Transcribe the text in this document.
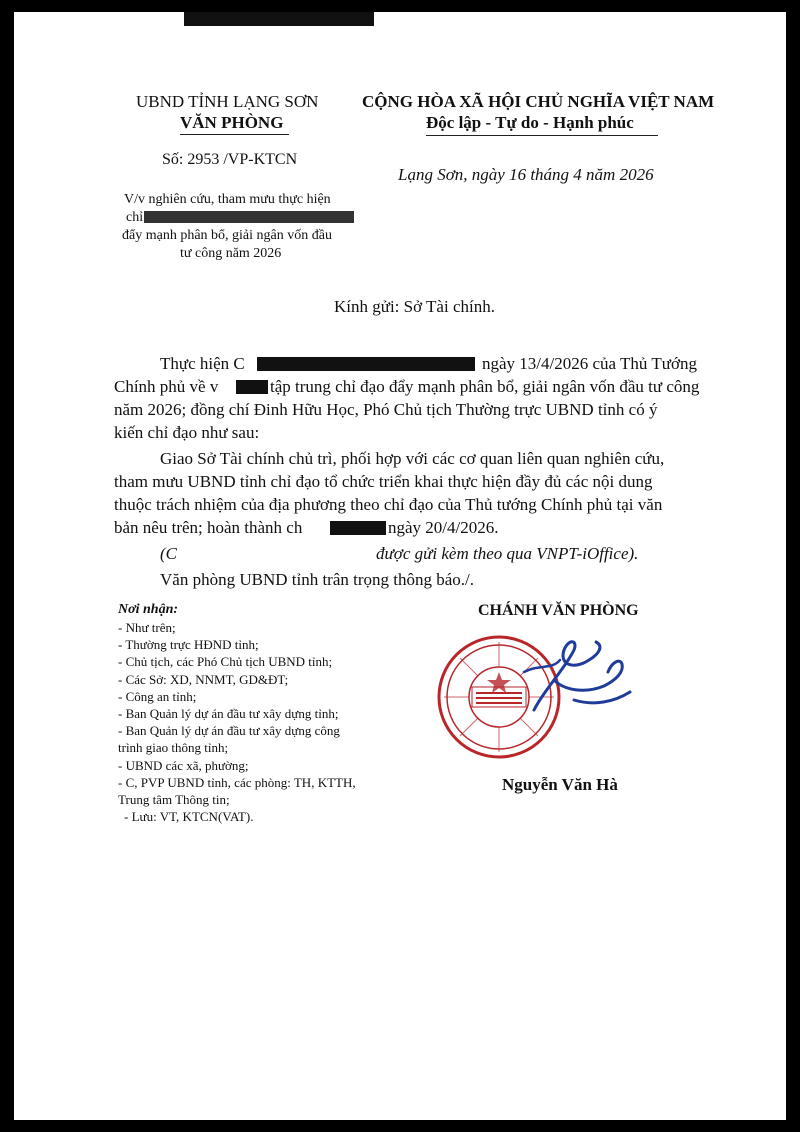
UBND TỈNH LẠNG SƠN
VĂN PHÒNG
Số: 2953 /VP-KTCN
V/v nghiên cứu, tham mưu thực hiện
chỉ
đẩy mạnh phân bổ, giải ngân vốn đầu
tư công năm 2026
CỘNG HÒA XÃ HỘI CHỦ NGHĨA VIỆT NAM
Độc lập - Tự do - Hạnh phúc
Lạng Sơn, ngày 16 tháng 4 năm 2026
Kính gửi: Sở Tài chính.
Thực hiện C	ngày 13/4/2026 của Thủ Tướng
Chính phủ về v	tập trung chỉ đạo đẩy mạnh phân bổ, giải ngân vốn đầu tư công
năm 2026; đồng chí Đinh Hữu Học, Phó Chủ tịch Thường trực UBND tỉnh có ý
kiến chỉ đạo như sau:
Giao Sở Tài chính chủ trì, phối hợp với các cơ quan liên quan nghiên cứu,
tham mưu UBND tỉnh chỉ đạo tổ chức triển khai thực hiện đầy đủ các nội dung
thuộc trách nhiệm của địa phương theo chỉ đạo của Thủ tướng Chính phủ tại văn
bản nêu trên; hoàn thành ch	ngày 20/4/2026.
(C	được gửi kèm theo qua VNPT-iOffice).
Văn phòng UBND tỉnh trân trọng thông báo./.
Nơi nhận:
- Như trên;
- Thường trực HĐND tỉnh;
- Chủ tịch, các Phó Chủ tịch UBND tỉnh;
- Các Sở: XD, NNMT, GD&ĐT;
- Công an tỉnh;
- Ban Quản lý dự án đầu tư xây dựng tỉnh;
- Ban Quản lý dự án đầu tư xây dựng công
trình giao thông tỉnh;
- UBND các xã, phường;
- C, PVP UBND tỉnh, các phòng: TH, KTTH,
Trung tâm Thông tin;
- Lưu: VT, KTCN(VAT).
CHÁNH VĂN PHÒNG
Nguyễn Văn Hà
